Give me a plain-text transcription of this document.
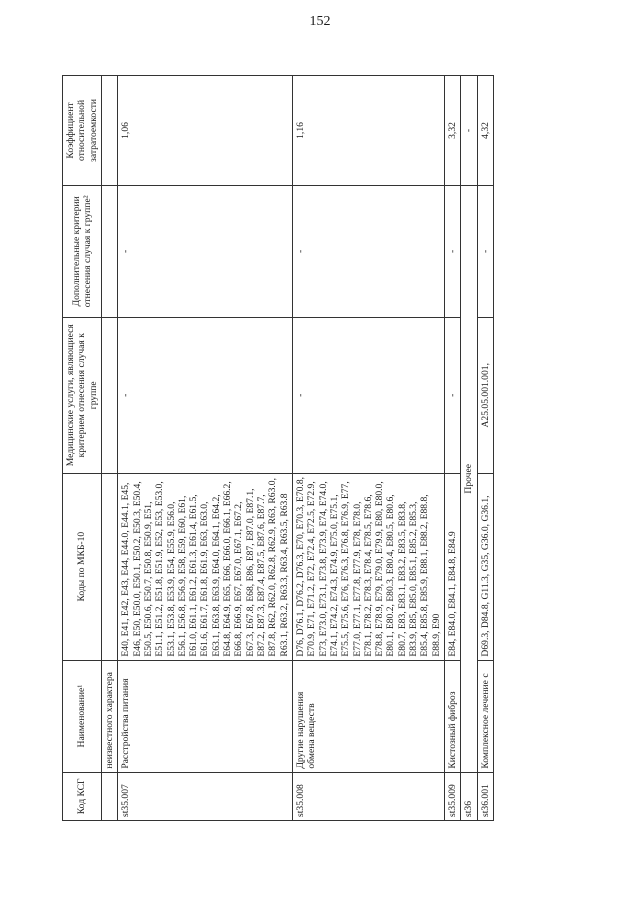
152
Код КСГ	Наименование¹	Коды по МКБ-10	Медицинские услуги, являющиеся критерием отнесения случая к группе	Дополнительные критерии отнесения случая к группе²	Коэффициент относительной затратоемкости
	неизвестного характера				
st35.007	Расстройства питания	E40, E41, E42, E43, E44, E44.0, E44.1, E45, E46, E50, E50.0, E50.1, E50.2, E50.3, E50.4, E50.5, E50.6, E50.7, E50.8, E50.9, E51, E51.1, E51.2, E51.8, E51.9, E52, E53, E53.0, E53.1, E53.8, E53.9, E54, E55.9, E56.0, E56.1, E56.8, E56.9, E58, E59, E60, E61, E61.0, E61.1, E61.2, E61.3, E61.4, E61.5, E61.6, E61.7, E61.8, E61.9, E63, E63.0, E63.1, E63.8, E63.9, E64.0, E64.1, E64.2, E64.8, E64.9, E65, E66, E66.0, E66.1, E66.2, E66.8, E66.9, E67, E67.0, E67.1, E67.2, E67.3, E67.8, E68, E86, E87, E87.0, E87.1, E87.2, E87.3, E87.4, E87.5, E87.6, E87.7, E87.8, R62, R62.0, R62.8, R62.9, R63, R63.0, R63.1, R63.2, R63.3, R63.4, R63.5, R63.8	-	-	1,06
st35.008	Другие нарушения обмена веществ	D76, D76.1, D76.2, D76.3, E70, E70.3, E70.8, E70.9, E71, E71.2, E72, E72.4, E72.5, E72.9, E73, E73.0, E73.1, E73.8, E73.9, E74, E74.0, E74.1, E74.2, E74.3, E74.9, E75.0, E75.1, E75.5, E75.6, E76, E76.3, E76.8, E76.9, E77, E77.0, E77.1, E77.8, E77.9, E78, E78.0, E78.1, E78.2, E78.3, E78.4, E78.5, E78.6, E78.8, E78.9, E79, E79.0, E79.9, E80, E80.0, E80.1, E80.2, E80.3, E80.4, E80.5, E80.6, E80.7, E83, E83.1, E83.2, E83.5, E83.8, E83.9, E85, E85.0, E85.1, E85.2, E85.3, E85.4, E85.8, E85.9, E88.1, E88.2, E88.8, E88.9, E90	-	-	1,16
st35.009	Кистозный фиброз	E84, E84.0, E84.1, E84.8, E84.9	-	-	3,32
st36	Прочее				-
st36.001	Комплексное лечение с	D69.3, D84.8, G11.3, G35, G36.0, G36.1,	A25.05.001.001,	-	4,32
